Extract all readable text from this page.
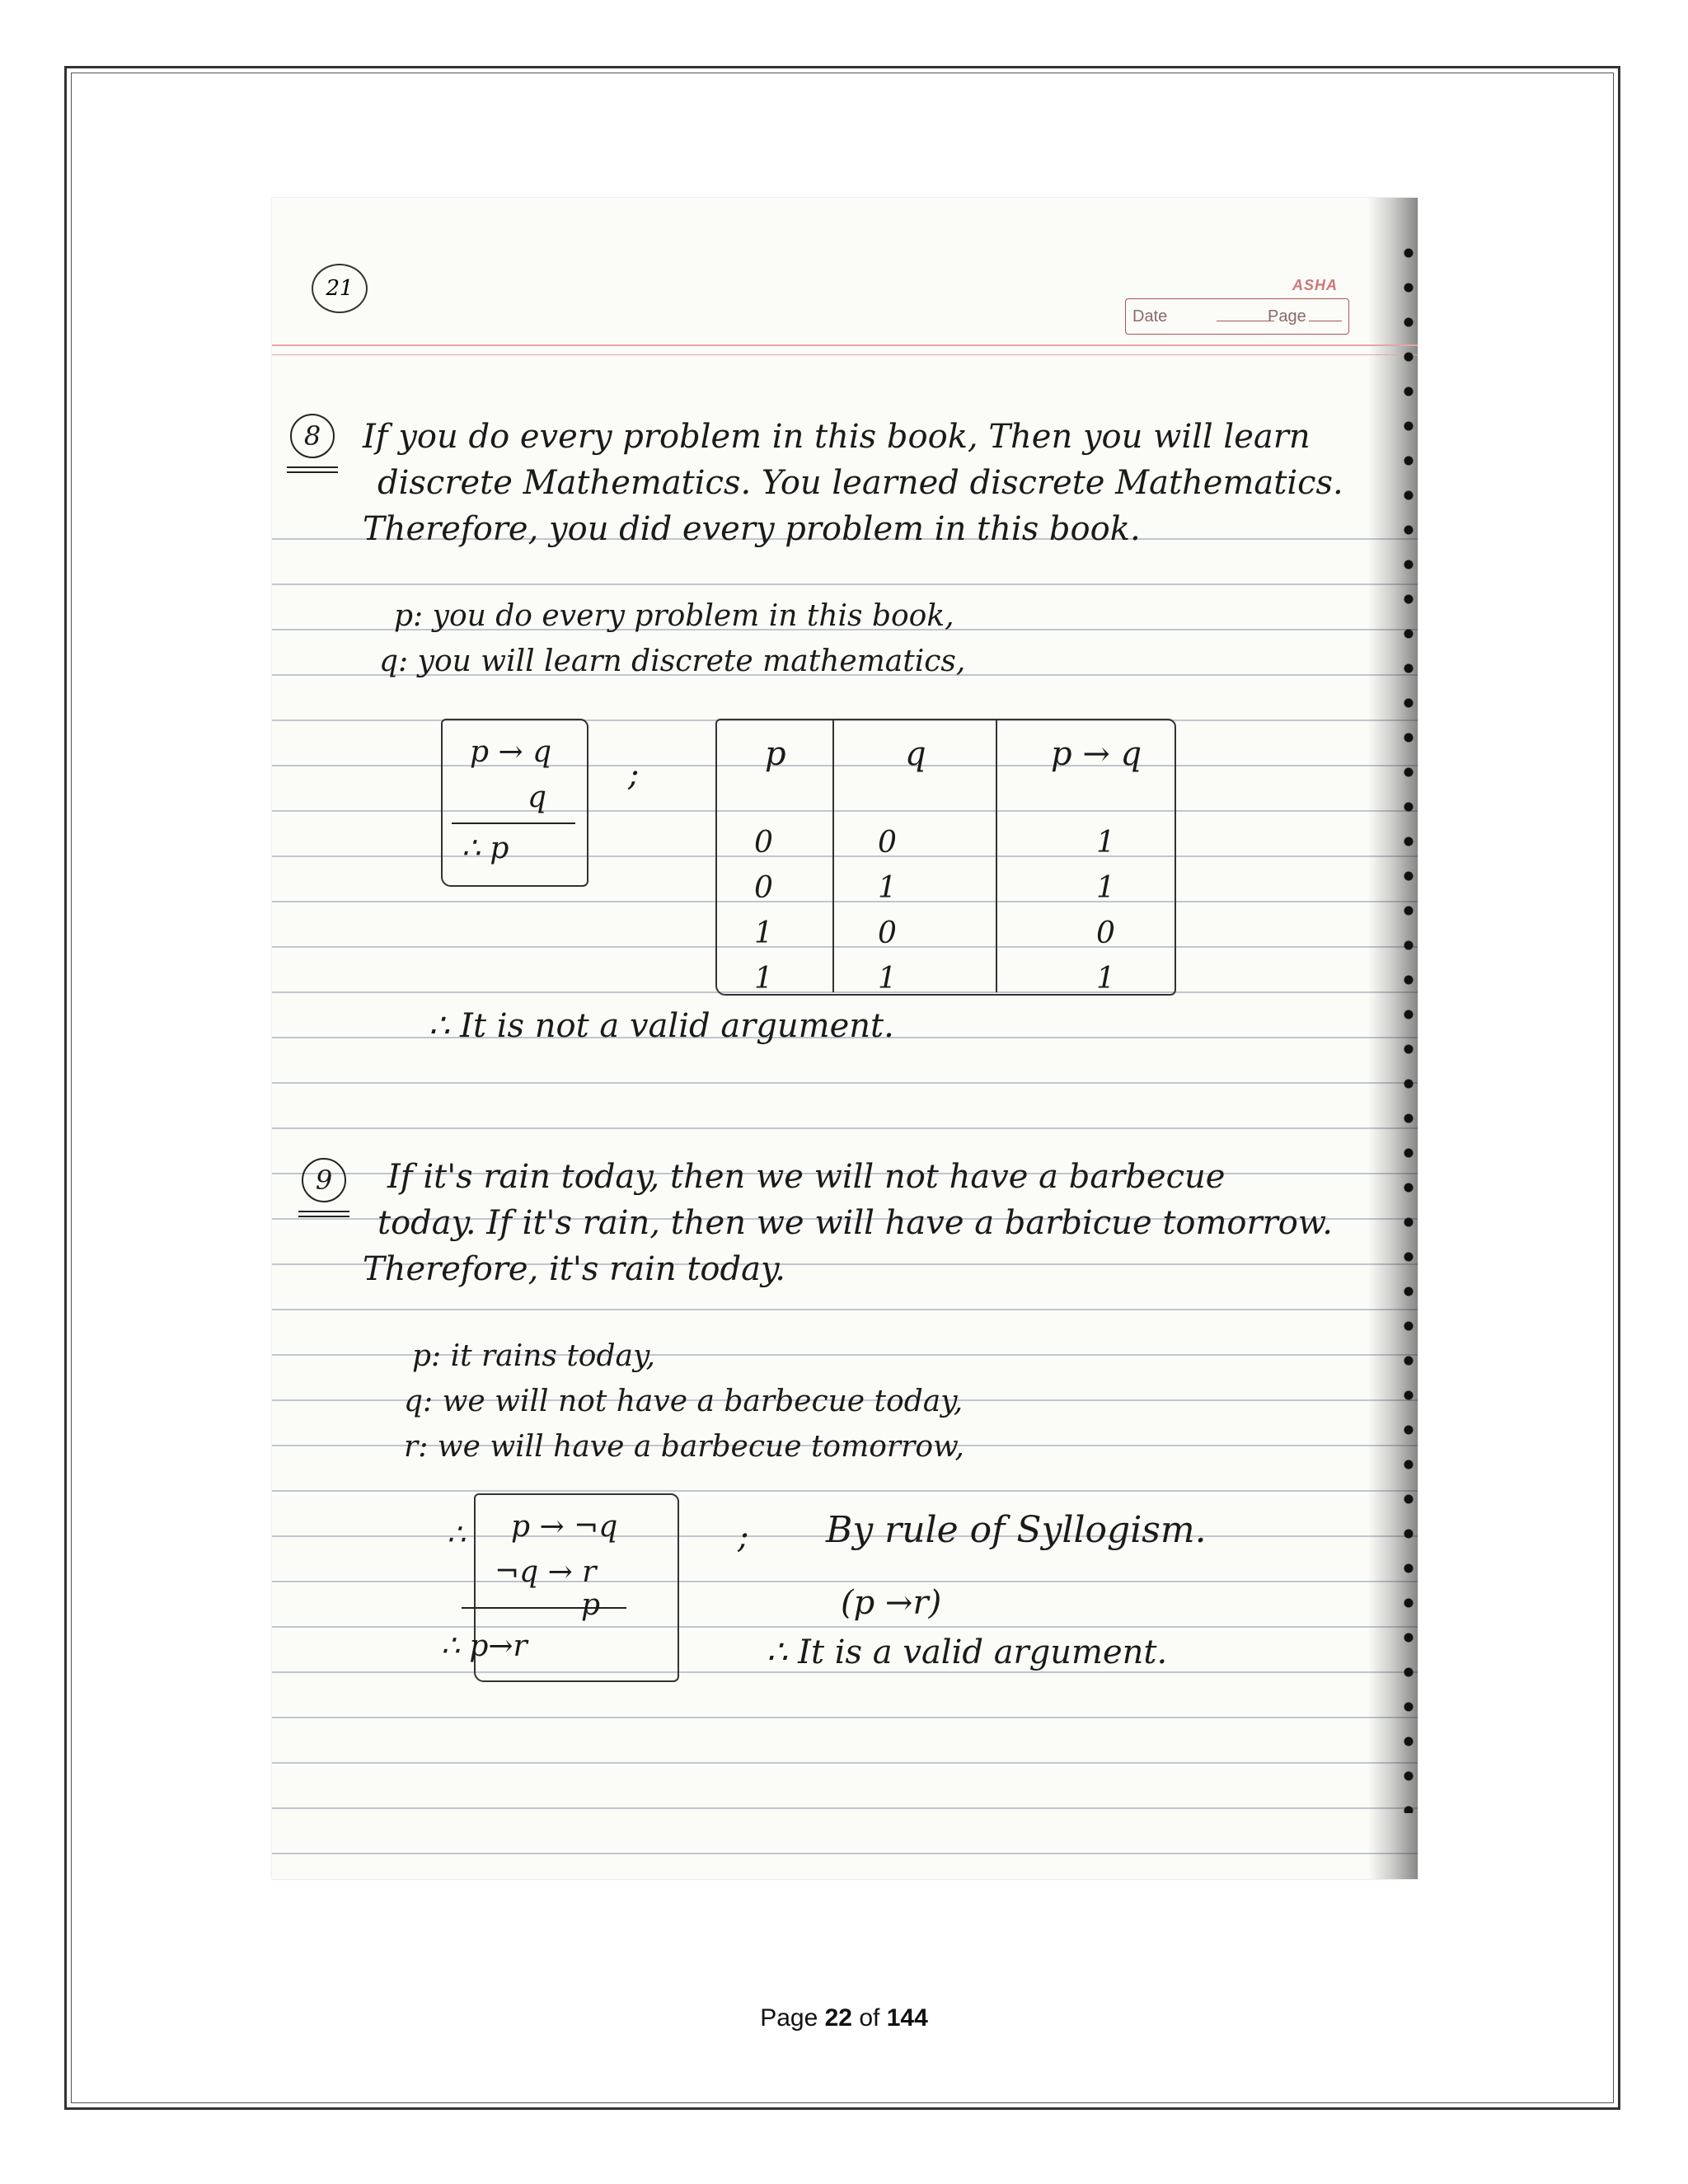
21	ASHA
Date	Page
8	If you do every problem in this book, Then you will learn
discrete Mathematics. You learned discrete Mathematics.
Therefore, you did every problem in this book.
p: you do every problem in this book,
q: you will learn discrete mathematics,
p → q
q
∴ p
;
p	q	p → q
0	0	1
0	1	1
1	0	0
1	1	1
∴ It is not a valid argument.
9	If it's rain today, then we will not have a barbecue
today. If it's rain, then we will have a barbicue tomorrow.
Therefore, it's rain today.
p: it rains today,
q: we will not have a barbecue today,
r: we will have a barbecue tomorrow,
∴ p → ¬q
¬q → r
p
∴ p→r
; By rule of Syllogism.
(p →r)
∴ It is a valid argument.
Page 22 of 144
